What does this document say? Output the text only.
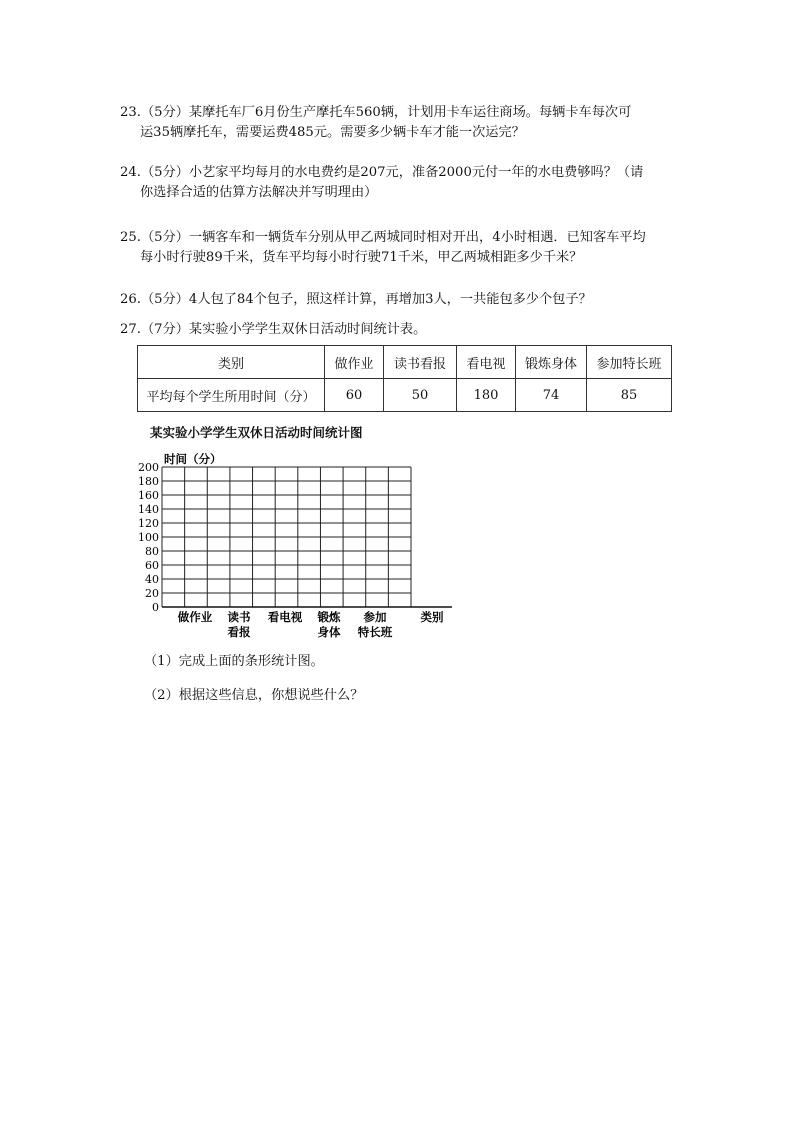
23.（5分）某摩托车厂6月份生产摩托车560辆，计划用卡车运往商场。每辆卡车每次可
运35辆摩托车，需要运费485元。需要多少辆卡车才能一次运完？
24.（5分）小艺家平均每月的水电费约是207元，准备2000元付一年的水电费够吗？（请
你选择合适的估算方法解决并写明理由）
25.（5分）一辆客车和一辆货车分别从甲乙两城同时相对开出，4小时相遇．已知客车平均
每小时行驶89千米，货车平均每小时行驶71千米，甲乙两城相距多少千米？
26.（5分）4人包了84个包子，照这样计算，再增加3人，一共能包多少个包子？
27.（7分）某实验小学学生双休日活动时间统计表。
类别	做作业	读书看报	看电视	锻炼身体	参加特长班
平均每个学生所用时间（分）	60	50	180	74	85
某实验小学学生双休日活动时间统计图
200
180
160
140
120
100
80
60
40
20
0
时间（分）
做作业 读书
看报
看电视 锻炼
身体
参加
特长班
类别
（1）完成上面的条形统计图。
（2）根据这些信息，你想说些什么？
